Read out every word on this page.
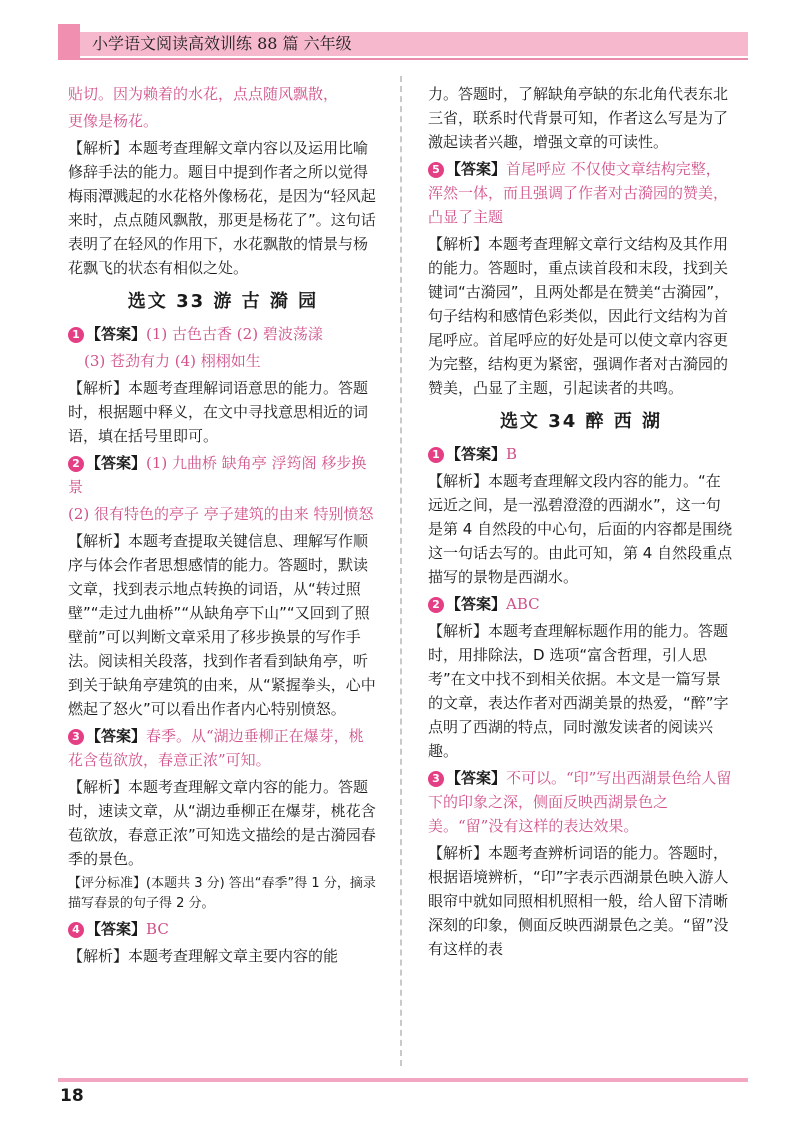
小学语文阅读高效训练 88 篇 六年级

贴切。因为赖着的水花，点点随风飘散，

更像是杨花。

【解析】本题考查理解文章内容以及运用比喻修辞手法的能力。题目中提到作者之所以觉得梅雨潭溅起的水花格外像杨花，是因为“轻风起来时，点点随风飘散，那更是杨花了”。这句话表明了在轻风的作用下，水花飘散的情景与杨花飘飞的状态有相似之处。

选文 33 游 古 漪 园

1 【答案】(1) 古色古香 (2) 碧波荡漾

(3) 苍劲有力 (4) 栩栩如生

【解析】本题考查理解词语意思的能力。答题时，根据题中释义，在文中寻找意思相近的词语，填在括号里即可。

2 【答案】(1) 九曲桥 缺角亭 浮筠阁 移步换景

(2) 很有特色的亭子 亭子建筑的由来 特别愤怒

【解析】本题考查提取关键信息、理解写作顺序与体会作者思想感情的能力。答题时，默读文章，找到表示地点转换的词语，从“转过照壁”“走过九曲桥”“从缺角亭下山”“又回到了照壁前”可以判断文章采用了移步换景的写作手法。阅读相关段落，找到作者看到缺角亭，听到关于缺角亭建筑的由来，从“紧握拳头，心中燃起了怒火”可以看出作者内心特别愤怒。

3 【答案】春季。从“湖边垂柳正在爆芽，桃花含苞欲放，春意正浓”可知。

【解析】本题考查理解文章内容的能力。答题时，速读文章，从“湖边垂柳正在爆芽，桃花含苞欲放，春意正浓”可知选文描绘的是古漪园春季的景色。

【评分标准】(本题共 3 分) 答出“春季”得 1 分，摘录描写春景的句子得 2 分。

4 【答案】BC

【解析】本题考查理解文章主要内容的能

力。答题时，了解缺角亭缺的东北角代表东北三省，联系时代背景可知，作者这么写是为了激起读者兴趣，增强文章的可读性。

5 【答案】首尾呼应 不仅使文章结构完整，浑然一体，而且强调了作者对古漪园的赞美，凸显了主题

【解析】本题考查理解文章行文结构及其作用的能力。答题时，重点读首段和末段，找到关键词“古漪园”，且两处都是在赞美“古漪园”，句子结构和感情色彩类似，因此行文结构为首尾呼应。首尾呼应的好处是可以使文章内容更为完整，结构更为紧密，强调作者对古漪园的赞美，凸显了主题，引起读者的共鸣。

选文 34 醉 西 湖

1 【答案】B

【解析】本题考查理解文段内容的能力。“在远近之间，是一泓碧澄澄的西湖水”，这一句是第 4 自然段的中心句，后面的内容都是围绕这一句话去写的。由此可知，第 4 自然段重点描写的景物是西湖水。

2 【答案】ABC

【解析】本题考查理解标题作用的能力。答题时，用排除法，D 选项“富含哲理，引人思考”在文中找不到相关依据。本文是一篇写景的文章，表达作者对西湖美景的热爱，“醉”字点明了西湖的特点，同时激发读者的阅读兴趣。

3 【答案】不可以。“印”写出西湖景色给人留下的印象之深，侧面反映西湖景色之美。“留”没有这样的表达效果。

【解析】本题考查辨析词语的能力。答题时，根据语境辨析，“印”字表示西湖景色映入游人眼帘中就如同照相机照相一般，给人留下清晰深刻的印象，侧面反映西湖景色之美。“留”没有这样的表

18
